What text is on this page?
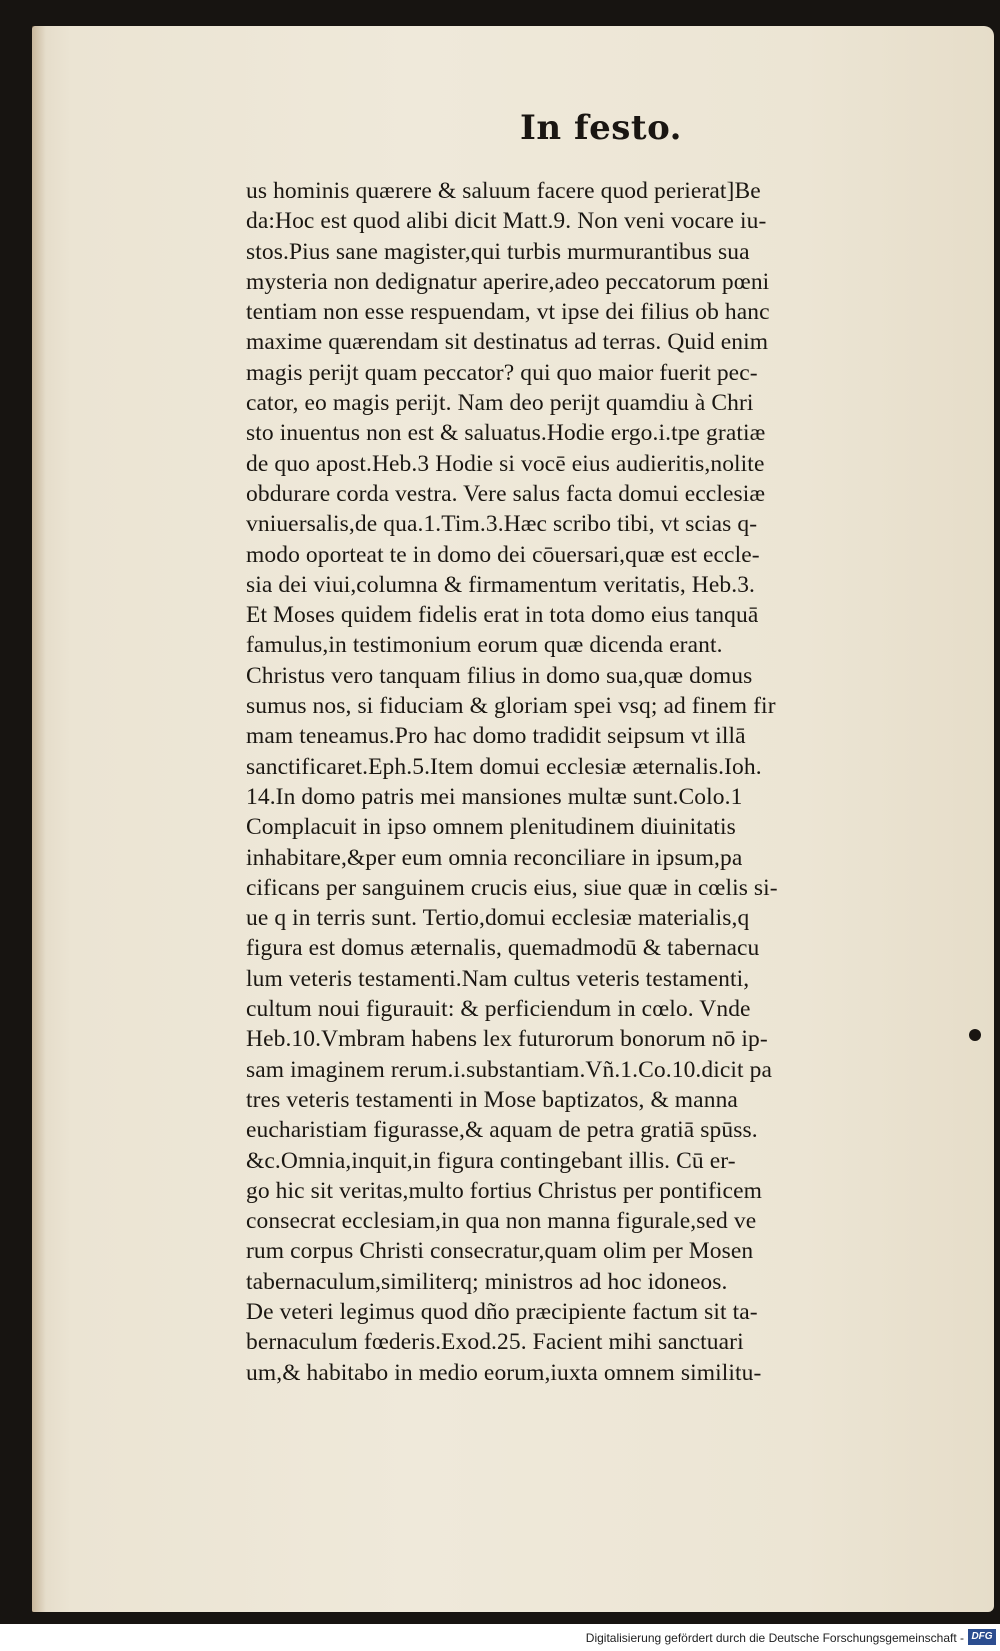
In festo.
us hominis quærere & saluum facere quod perierat]Be
da:Hoc est quod alibi dicit Matt.9. Non veni vocare iu-
stos.Pius sane magister,qui turbis murmurantibus sua
mysteria non dedignatur aperire,adeo peccatorum pœni
tentiam non esse respuendam, vt ipse dei filius ob hanc
maxime quærendam sit destinatus ad terras. Quid enim
magis perijt quam peccator? qui quo maior fuerit pec-
cator, eo magis perijt. Nam deo perijt quamdiu à Chri
sto inuentus non est & saluatus.Hodie ergo.i.tpe gratiæ
de quo apost.Heb.3 Hodie si vocē eius audieritis,nolite
obdurare corda vestra. Vere salus facta domui ecclesiæ
vniuersalis,de qua.1.Tim.3.Hæc scribo tibi, vt scias q-
modo oporteat te in domo dei cōuersari,quæ est eccle-
sia dei viui,columna & firmamentum veritatis, Heb.3.
Et Moses quidem fidelis erat in tota domo eius tanquā
famulus,in testimonium eorum quæ dicenda erant.
Christus vero tanquam filius in domo sua,quæ domus
sumus nos, si fiduciam & gloriam spei vsq; ad finem fir
mam teneamus.Pro hac domo tradidit seipsum vt illā
sanctificaret.Eph.5.Item domui ecclesiæ æternalis.Ioh.
14.In domo patris mei mansiones multæ sunt.Colo.1
Complacuit in ipso omnem plenitudinem diuinitatis
inhabitare,&per eum omnia reconciliare in ipsum,pa
cificans per sanguinem crucis eius, siue quæ in cœlis si-
ue q in terris sunt. Tertio,domui ecclesiæ materialis,q
figura est domus æternalis, quemadmodū & tabernacu
lum veteris testamenti.Nam cultus veteris testamenti,
cultum noui figurauit: & perficiendum in cœlo. Vnde
Heb.10.Vmbram habens lex futurorum bonorum nō ip-
sam imaginem rerum.i.substantiam.Vñ.1.Co.10.dicit pa
tres veteris testamenti in Mose baptizatos, & manna
eucharistiam figurasse,& aquam de petra gratiā spūss.
&c.Omnia,inquit,in figura contingebant illis. Cū er-
go hic sit veritas,multo fortius Christus per pontificem
consecrat ecclesiam,in qua non manna figurale,sed ve
rum corpus Christi consecratur,quam olim per Mosen
tabernaculum,similiterq; ministros ad hoc idoneos.
De veteri legimus quod dño præcipiente factum sit ta-
bernaculum fœderis.Exod.25. Facient mihi sanctuari
um,& habitabo in medio eorum,iuxta omnem similitu-
Digitalisierung gefördert durch die Deutsche Forschungsgemeinschaft - DFG
